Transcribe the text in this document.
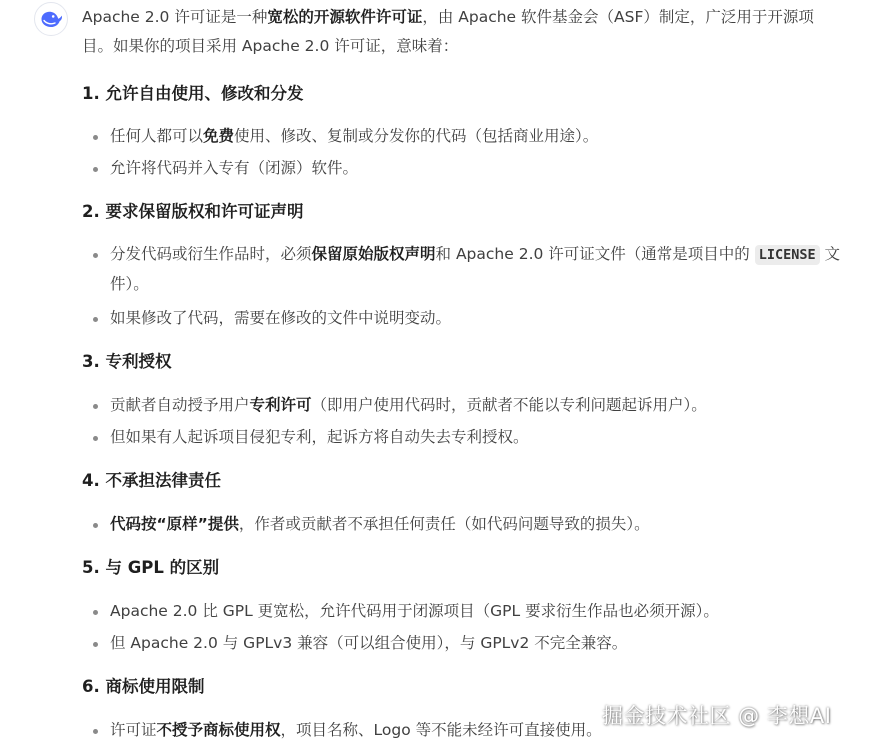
Apache 2.0 许可证是一种宽松的开源软件许可证，由 Apache 软件基金会（ASF）制定，广泛用于开源项目。如果你的项目采用 Apache 2.0 许可证，意味着：

1. 允许自由使用、修改和分发
任何人都可以免费使用、修改、复制或分发你的代码（包括商业用途）。
允许将代码并入专有（闭源）软件。
2. 要求保留版权和许可证声明
分发代码或衍生作品时，必须保留原始版权声明和 Apache 2.0 许可证文件（通常是项目中的 LICENSE 文件）。
如果修改了代码，需要在修改的文件中说明变动。
3. 专利授权
贡献者自动授予用户专利许可（即用户使用代码时，贡献者不能以专利问题起诉用户）。
但如果有人起诉项目侵犯专利，起诉方将自动失去专利授权。
4. 不承担法律责任
代码按“原样”提供，作者或贡献者不承担任何责任（如代码问题导致的损失）。
5. 与 GPL 的区别
Apache 2.0 比 GPL 更宽松，允许代码用于闭源项目（GPL 要求衍生作品也必须开源）。
但 Apache 2.0 与 GPLv3 兼容（可以组合使用），与 GPLv2 不完全兼容。
6. 商标使用限制
许可证不授予商标使用权，项目名称、Logo 等不能未经许可直接使用。
掘金技术社区 @ 李想AI
